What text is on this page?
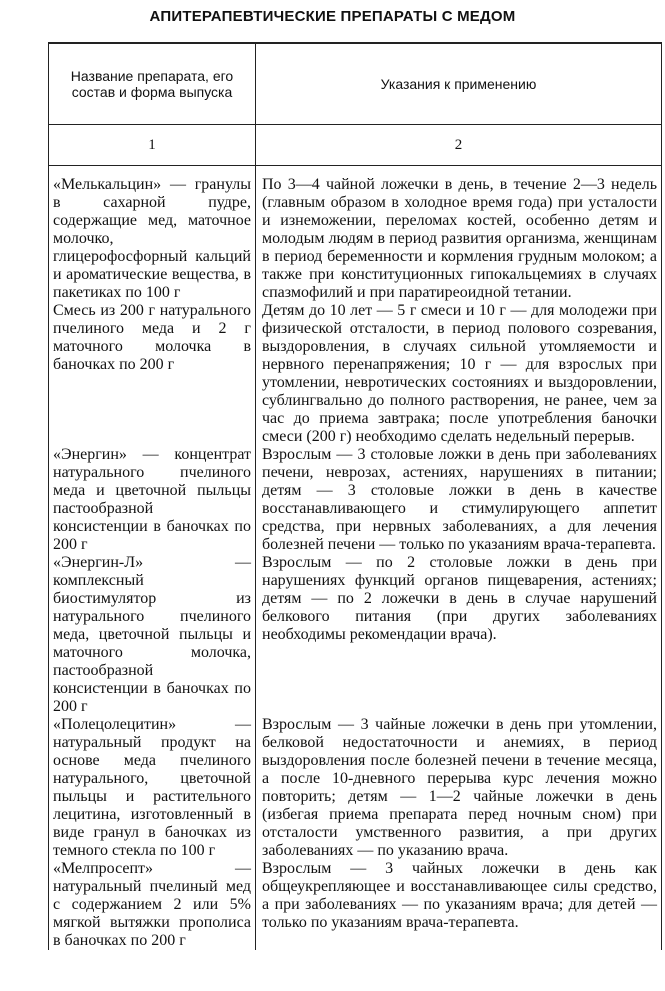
АПИТЕРАПЕВТИЧЕСКИЕ ПРЕПАРАТЫ С МЕДОМ
Название препарата, его состав и форма выпуска	Указания к применению
1	2

«Мелькальцин» — гранулы в сахарной пудре, содержащие мед, маточное молочко, глицерофосфорный кальций и ароматические вещества, в пакетиках по 100 г	По 3—4 чайной ложечки в день, в течение 2—3 недель (главным образом в холодное время года) при усталости и изнеможении, переломах костей, особенно детям и молодым людям в период развития организма, женщинам в период беременности и кормления грудным молоком; а также при конституционных гипокальцемиях в случаях спазмофилий и при паратиреоидной тетании.
Смесь из 200 г натурального пчелиного меда и 2 г маточного молочка в баночках по 200 г	Детям до 10 лет — 5 г смеси и 10 г — для молодежи при физической отсталости, в период полового созревания, выздоровления, в случаях сильной утомляемости и нервного перенапряжения; 10 г — для взрослых при утомлении, невротических состояниях и выздоровлении, сублингвально до полного растворения, не ранее, чем за час до приема завтрака; после употребления баночки смеси (200 г) необходимо сделать недельный перерыв.
«Энергин» — концентрат натурального пчелиного меда и цветочной пыльцы пастообразной консистенции в баночках по 200 г	Взрослым — 3 столовые ложки в день при заболеваниях печени, неврозах, астениях, нарушениях в питании; детям — 3 столовые ложки в день в качестве восстанавливающего и стимулирующего аппетит средства, при нервных заболеваниях, а для лечения болезней печени — только по указаниям врача-терапевта.
«Энергин-Л» — комплексный биостимулятор из натурального пчелиного меда, цветочной пыльцы и маточного молочка, пастообразной консистенции в баночках по 200 г	Взрослым — по 2 столовые ложки в день при нарушениях функций органов пищеварения, астениях; детям — по 2 ложечки в день в случае нарушений белкового питания (при других заболеваниях необходимы рекомендации врача).
«Полецолецитин» — натуральный продукт на основе меда пчелиного натурального, цветочной пыльцы и растительного лецитина, изготовленный в виде гранул в баночках из темного стекла по 100 г	Взрослым — 3 чайные ложечки в день при утомлении, белковой недостаточности и анемиях, в период выздоровления после болезней печени в течение месяца, а после 10-дневного перерыва курс лечения можно повторить; детям — 1—2 чайные ложечки в день (избегая приема препарата перед ночным сном) при отсталости умственного развития, а при других заболеваниях — по указанию врача.
«Мелпросепт» — натуральный пчелиный мед с содержанием 2 или 5% мягкой вытяжки прополиса в баночках по 200 г	Взрослым — 3 чайных ложечки в день как общеукрепляющее и восстанавливающее силы средство, а при заболеваниях — по указаниям врача; для детей — только по указаниям врача-терапевта.
